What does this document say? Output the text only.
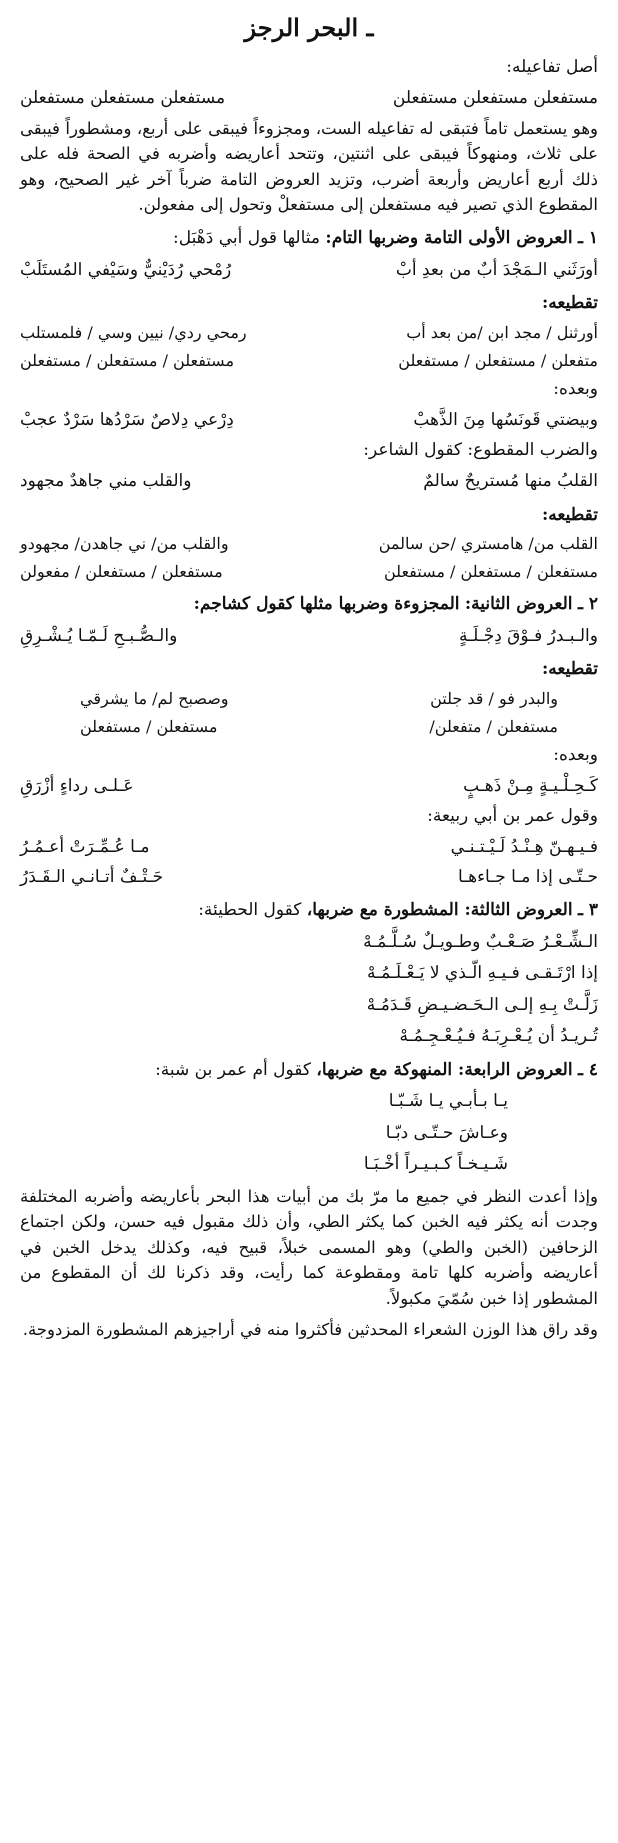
ـ البحر الرجز

أصل تفاعيله:

مستفعلن مستفعلن مستفعلن
مستفعلن مستفعلن مستفعلن

وهو يستعمل تاماً فتبقى له تفاعيله الست، ومجزوءاً فيبقى على أربع، ومشطوراً فيبقى على ثلاث، ومنهوكاً فيبقى على اثنتين، وتتحد أعاريضه وأضربه في الصحة فله على ذلك أربع أعاريض وأربعة أضرب، وتزيد العروض التامة ضرباً آخر غير الصحيح، وهو المقطوع الذي تصير فيه مستفعلن إلى مستفعلْ وتحول إلى مفعولن.

١ ـ العروض الأولى التامة وضربها التام: مثالها قول أبي دَهْبَل:
أورَثَني الـمَجْدَ أبٌ من بعدِ أبْ
رُمْحي رُدَيْنيٌّ وسَيْفي المُستَلَبْ
تقطيعه:
أورثنل / مجد ابن /من بعد أب
رمحي ردي/ نيين وسي / فلمستلب
متفعلن / مستفعلن / مستفعلن
مستفعلن / مستفعلن / مستفعلن

وبعده:

وبيضتي قَونَسُها مِنَ الذَّهبْ
دِرْعي دِلاصٌ سَرْدُها سَرْدٌ عجبْ

والضرب المقطوع: كقول الشاعر:

القلبُ منها مُستريحٌ سالمٌ
والقلب مني جاهدٌ مجهود
تقطيعه:
القلب من/ هامستري /حن سالمن
والقلب من/ ني جاهدن/ مجهودو
مستفعلن / مستفعلن / مستفعلن
مستفعلن / مستفعلن / مفعولن
٢ ـ العروض الثانية: المجزوءة وضربها مثلها كقول كشاجم:
والـبـدرُ فـوْقَ دِجْـلَـةٍ
والـصُّـبـحِ لَـمّـا يُـشْـرِقِ
تقطيعه:
والبدر فو / قد جلتن
وصصبح لم/ ما يشرقي
مستفعلن / متفعلن/
مستفعلن / مستفعلن

وبعده:

كَـحِـلْـيـةٍ مِـنْ ذَهـبٍ
عَـلـى رداءٍ أزْرَقِ

وقول عمر بن أبي ربيعة:

فـيـهـنّ هِـنْـدُ لَـيْـتـنـي
مـا عُـمِّـرَتْ أعـمُـرُ
حـتّـى إذا مـا جـاءهـا
حَـتْـفٌ أتـانـي الـقَـدَرُ
٣ ـ العروض الثالثة: المشطورة مع ضربها، كقول الحطيئة:
الـشِّـعْـرُ صَـعْـبٌ وطـويـلٌ سُـلَّـمُـهْ
إذا ارْتَـقـى فـيـهِ الّـذي لا يَـعْـلَـمُـهْ
زَلَّـتْ بِـهِ إلـى الـحَـضـيـضِ قَـدَمُـهْ
تُـريـدُ أن يُـعْـرِبَـهُ فـيُـعْـجِـمُـهْ
٤ ـ العروض الرابعة: المنهوكة مع ضربها، كقول أم عمر بن شبة:
يـا بـأبـي يـا شَـبّـا
وعـاشَ حـتّـى دبّـا
شَـيـخـاً كـبـيـراً أخْـبَـا

وإذا أعدت النظر في جميع ما مرّ بك من أبيات هذا البحر بأعاريضه وأضربه المختلفة وجدت أنه يكثر فيه الخبن كما يكثر الطي، وأن ذلك مقبول فيه حسن، ولكن اجتماع الزحافين (الخبن والطي) وهو المسمى خبلاً، قبيح فيه، وكذلك يدخل الخبن في أعاريضه وأضربه كلها تامة ومقطوعة كما رأيت، وقد ذكرنا لك أن المقطوع من المشطور إذا خبن سُمّيَ مكبولاً.

وقد راق هذا الوزن الشعراء المحدثين فأكثروا منه في أراجيزهم المشطورة المزدوجة.
